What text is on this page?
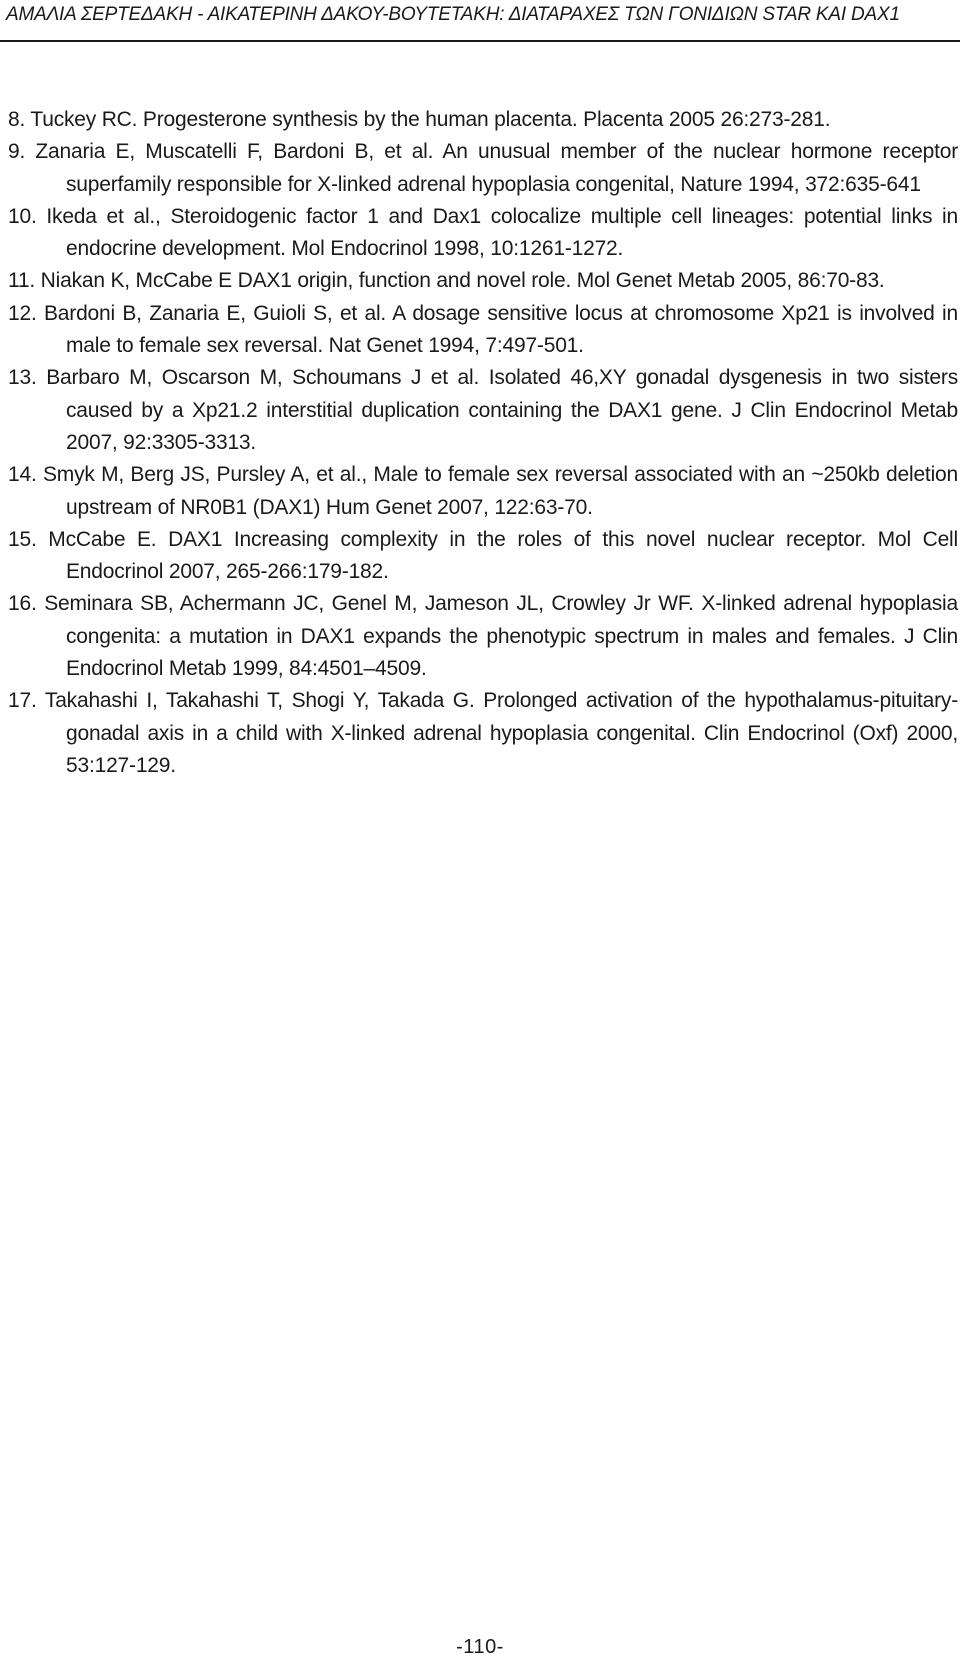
ΑΜΑΛΙΑ ΣΕΡΤΕΔΑΚΗ - ΑΙΚΑΤΕΡΙΝΗ ΔΑΚΟΥ-ΒΟΥΤΕΤΑΚΗ: ΔΙΑΤΑΡΑΧΕΣ ΤΩΝ ΓΟΝΙΔΙΩΝ STAR ΚΑΙ DAX1
8. Tuckey RC. Progesterone synthesis by the human placenta. Placenta 2005 26:273-281.
9. Zanaria E, Muscatelli F, Bardoni B, et al. An unusual member of the nuclear hormone receptor superfamily responsible for X-linked adrenal hypoplasia congenital, Nature 1994, 372:635-641
10. Ikeda et al., Steroidogenic factor 1 and Dax1 colocalize multiple cell lineages: potential links in endocrine development. Mol Endocrinol 1998, 10:1261-1272.
11. Niakan K, McCabe E DAX1 origin, function and novel role. Mol Genet Metab 2005, 86:70-83.
12. Bardoni B, Zanaria E, Guioli S, et al. A dosage sensitive locus at chromosome Xp21 is involved in male to female sex reversal. Nat Genet 1994, 7:497-501.
13. Barbaro M, Oscarson M, Schoumans J et al. Isolated 46,XY gonadal dysgenesis in two sisters caused by a Xp21.2 interstitial duplication containing the DAX1 gene. J Clin Endocrinol Metab 2007, 92:3305-3313.
14. Smyk M, Berg JS, Pursley A, et al., Male to female sex reversal associated with an ~250kb deletion upstream of NR0B1 (DAX1) Hum Genet 2007, 122:63-70.
15. McCabe E. DAX1 Increasing complexity in the roles of this novel nuclear receptor. Mol Cell Endocrinol 2007, 265-266:179-182.
16. Seminara SB, Achermann JC, Genel M, Jameson JL, Crowley Jr WF. X-linked adrenal hypoplasia congenita: a mutation in DAX1 expands the phenotypic spectrum in males and females. J Clin Endocrinol Metab 1999, 84:4501–4509.
17. Takahashi I, Takahashi T, Shogi Y, Takada G. Prolonged activation of the hypothalamus-pituitary-gonadal axis in a child with X-linked adrenal hypoplasia congenital. Clin Endocrinol (Oxf) 2000, 53:127-129.
-110-
